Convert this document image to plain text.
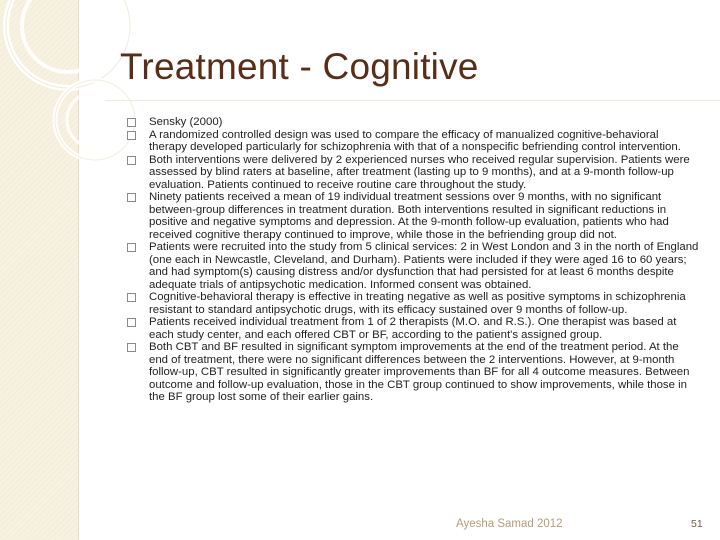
Treatment - Cognitive
Sensky (2000)
A randomized controlled design was used to compare the efficacy of manualized cognitive-behavioral therapy developed particularly for schizophrenia with that of a nonspecific befriending control intervention.
Both interventions were delivered by 2 experienced nurses who received regular supervision. Patients were assessed by blind raters at baseline, after treatment (lasting up to 9 months), and at a 9-month follow-up evaluation. Patients continued to receive routine care throughout the study.
Ninety patients received a mean of 19 individual treatment sessions over 9 months, with no significant between-group differences in treatment duration. Both interventions resulted in significant reductions in positive and negative symptoms and depression. At the 9-month follow-up evaluation, patients who had received cognitive therapy continued to improve, while those in the befriending group did not.
Patients were recruited into the study from 5 clinical services: 2 in West London and 3 in the north of England (one each in Newcastle, Cleveland, and Durham). Patients were included if they were aged 16 to 60 years; and had symptom(s) causing distress and/or dysfunction that had persisted for at least 6 months despite adequate trials of antipsychotic medication. Informed consent was obtained.
Cognitive-behavioral therapy is effective in treating negative as well as positive symptoms in schizophrenia resistant to standard antipsychotic drugs, with its efficacy sustained over 9 months of follow-up.
Patients received individual treatment from 1 of 2 therapists (M.O. and R.S.). One therapist was based at each study center, and each offered CBT or BF, according to the patient's assigned group.
Both CBT and BF resulted in significant symptom improvements at the end of the treatment period. At the end of treatment, there were no significant differences between the 2 interventions. However, at 9-month follow-up, CBT resulted in significantly greater improvements than BF for all 4 outcome measures. Between outcome and follow-up evaluation, those in the CBT group continued to show improvements, while those in the BF group lost some of their earlier gains.
Ayesha Samad 2012	51
